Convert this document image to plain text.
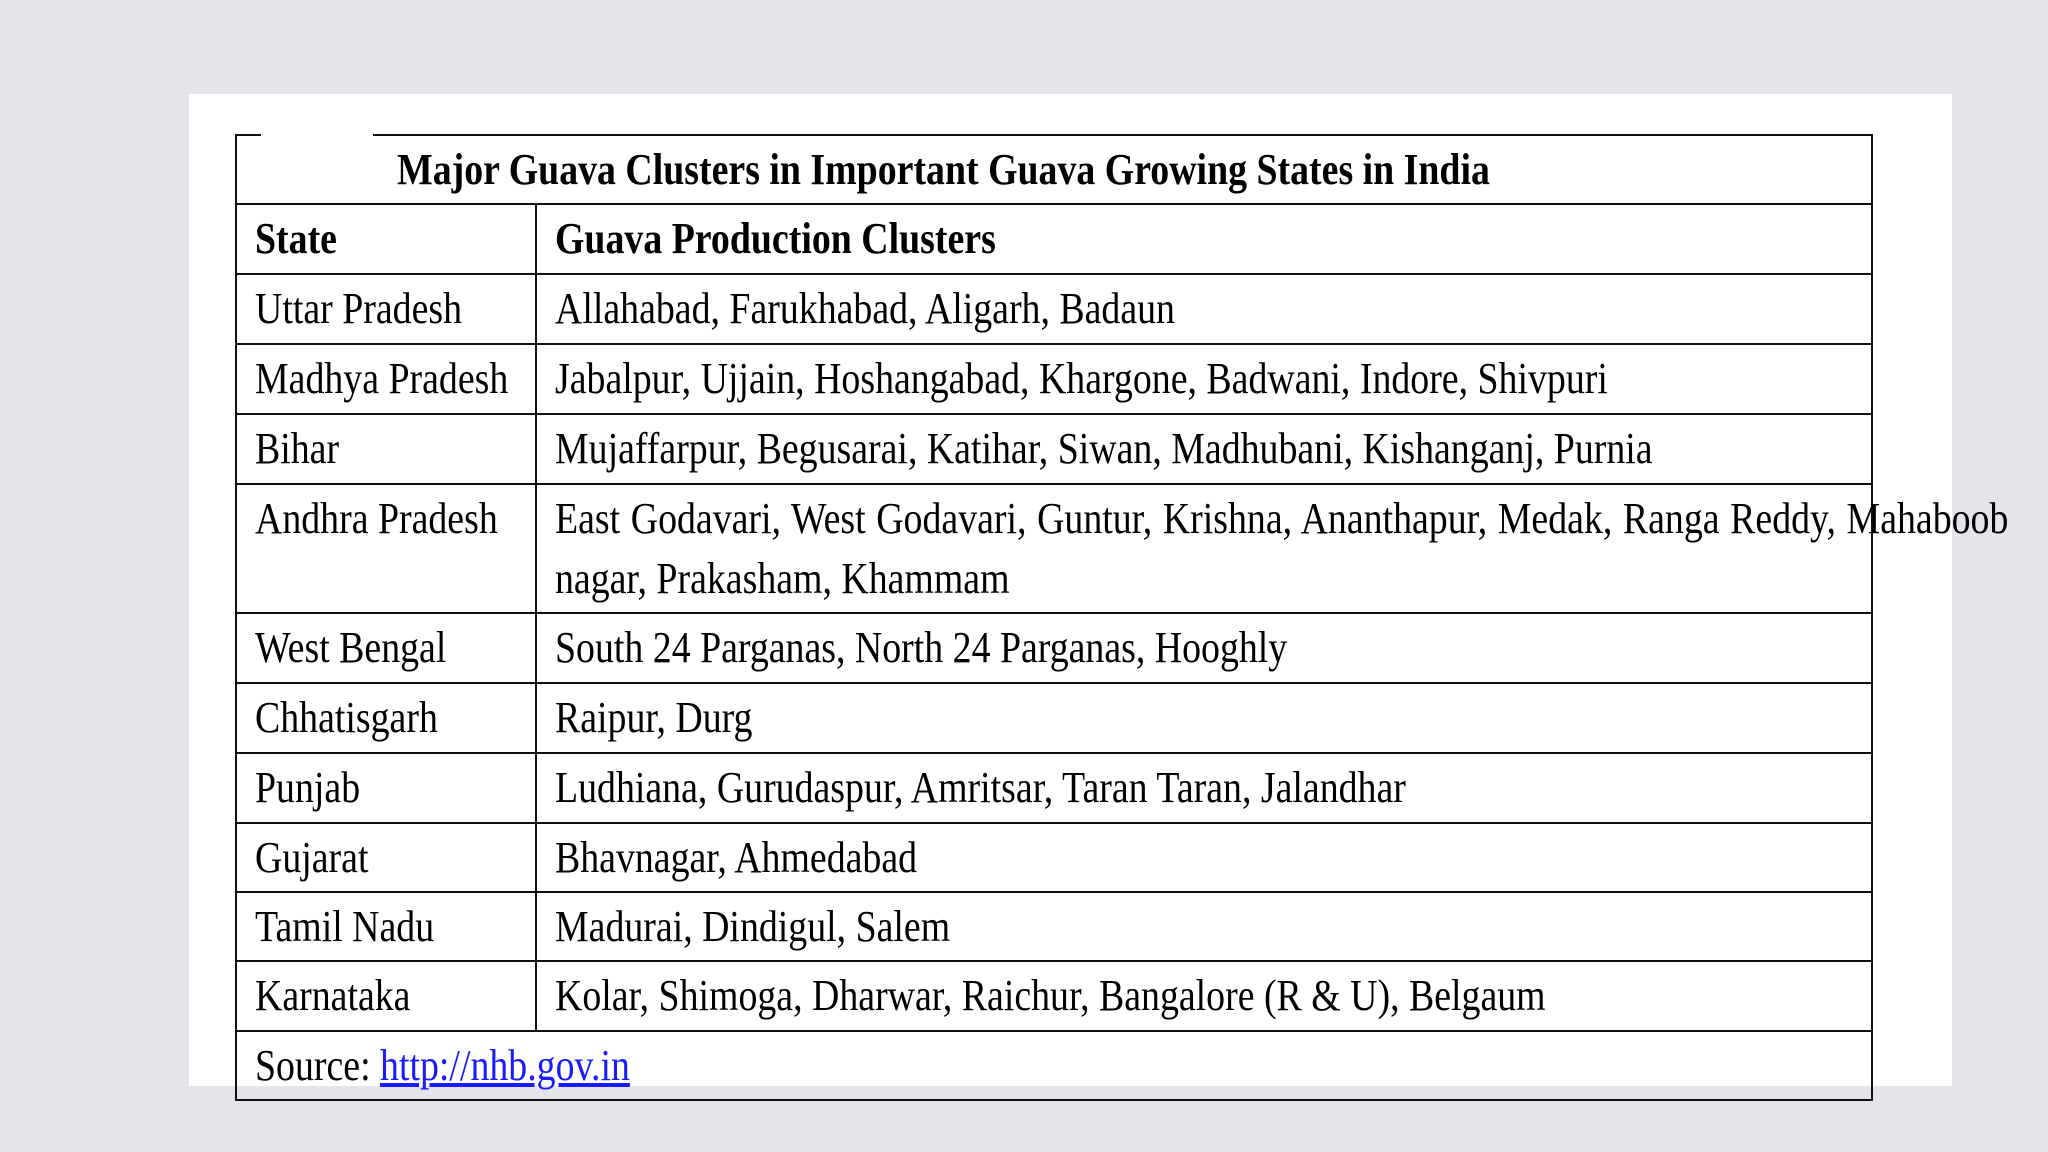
Major Guava Clusters in Important Guava Growing States in India	
State	Guava Production Clusters
Uttar Pradesh	Allahabad, Farukhabad, Aligarh, Badaun
Madhya Pradesh	Jabalpur, Ujjain, Hoshangabad, Khargone, Badwani, Indore, Shivpuri
Bihar	Mujaffarpur, Begusarai, Katihar, Siwan, Madhubani, Kishanganj, Purnia
Andhra Pradesh	East Godavari, West Godavari, Guntur, Krishna, Ananthapur, Medak, Ranga Reddy, Mahaboob nagar, Prakasham, Khammam

West Bengal	South 24 Parganas, North 24 Parganas, Hooghly
Chhatisgarh	Raipur, Durg
Punjab	Ludhiana, Gurudaspur, Amritsar, Taran Taran, Jalandhar
Gujarat	Bhavnagar, Ahmedabad
Tamil Nadu	Madurai, Dindigul, Salem
Karnataka	Kolar, Shimoga, Dharwar, Raichur, Bangalore (R & U), Belgaum
Source: http://nhb.gov.in	
